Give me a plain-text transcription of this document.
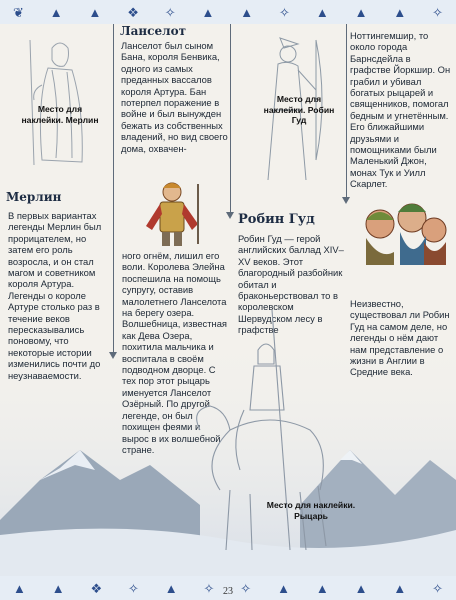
❦ ▲ ▲ ❖ ✧ ▲ ▲ ✧ ▲ ▲ ▲ ✧
Место для наклейки. Мерлин
Мерлин

В первых вариантах легенды Мерлин был прорицателем, но затем его роль возросла, и он стал магом и советником короля Артура. Легенды о короле Артуре столько раз в течение веков пересказывались поновому, что некоторые истории изменились почти до неузнаваемости.

Ланселот

Ланселот был сыном Бана, короля Бенвика, одного из самых преданных вассалов короля Артура. Бан потерпел поражение в войне и был вынужден бежать из собственных владений, но вид своего дома, охвачен-

ного огнём, лишил его воли. Королева Элейна поспешила на помощь супругу, оставив малолетнего Ланселота на берегу озера. Волшебница, известная как Дева Озера, похитила мальчика и воспитала в своём подводном дворце. С тех пор этот рыцарь именуется Ланселот Озёрный. По другой легенде, он был похищен феями и вырос в их волшебной стране.

Место для наклейки. Робин Гуд
Робин Гуд

Робин Гуд — герой английских баллад XIV–XV веков. Этот благородный разбойник обитал и браконьерствовал то в королевском Шервудском лесу в графстве

Ноттингемшир, то около города Барнсдейла в графстве Йоркшир. Он грабил и убивал богатых рыцарей и священников, помогал бедным и угнетённым. Его ближайшими друзьями и помощниками были Маленький Джон, монах Тук и Уилл Скарлет.

Неизвестно, существовал ли Робин Гуд на самом деле, но легенды о нём дают нам представление о жизни в Англии в Средние века.

Место для наклейки. Рыцарь
▲ ▲ ❖ ✧ ▲ ✧ ✧ ▲ ▲ ▲ ▲ ✧
23
